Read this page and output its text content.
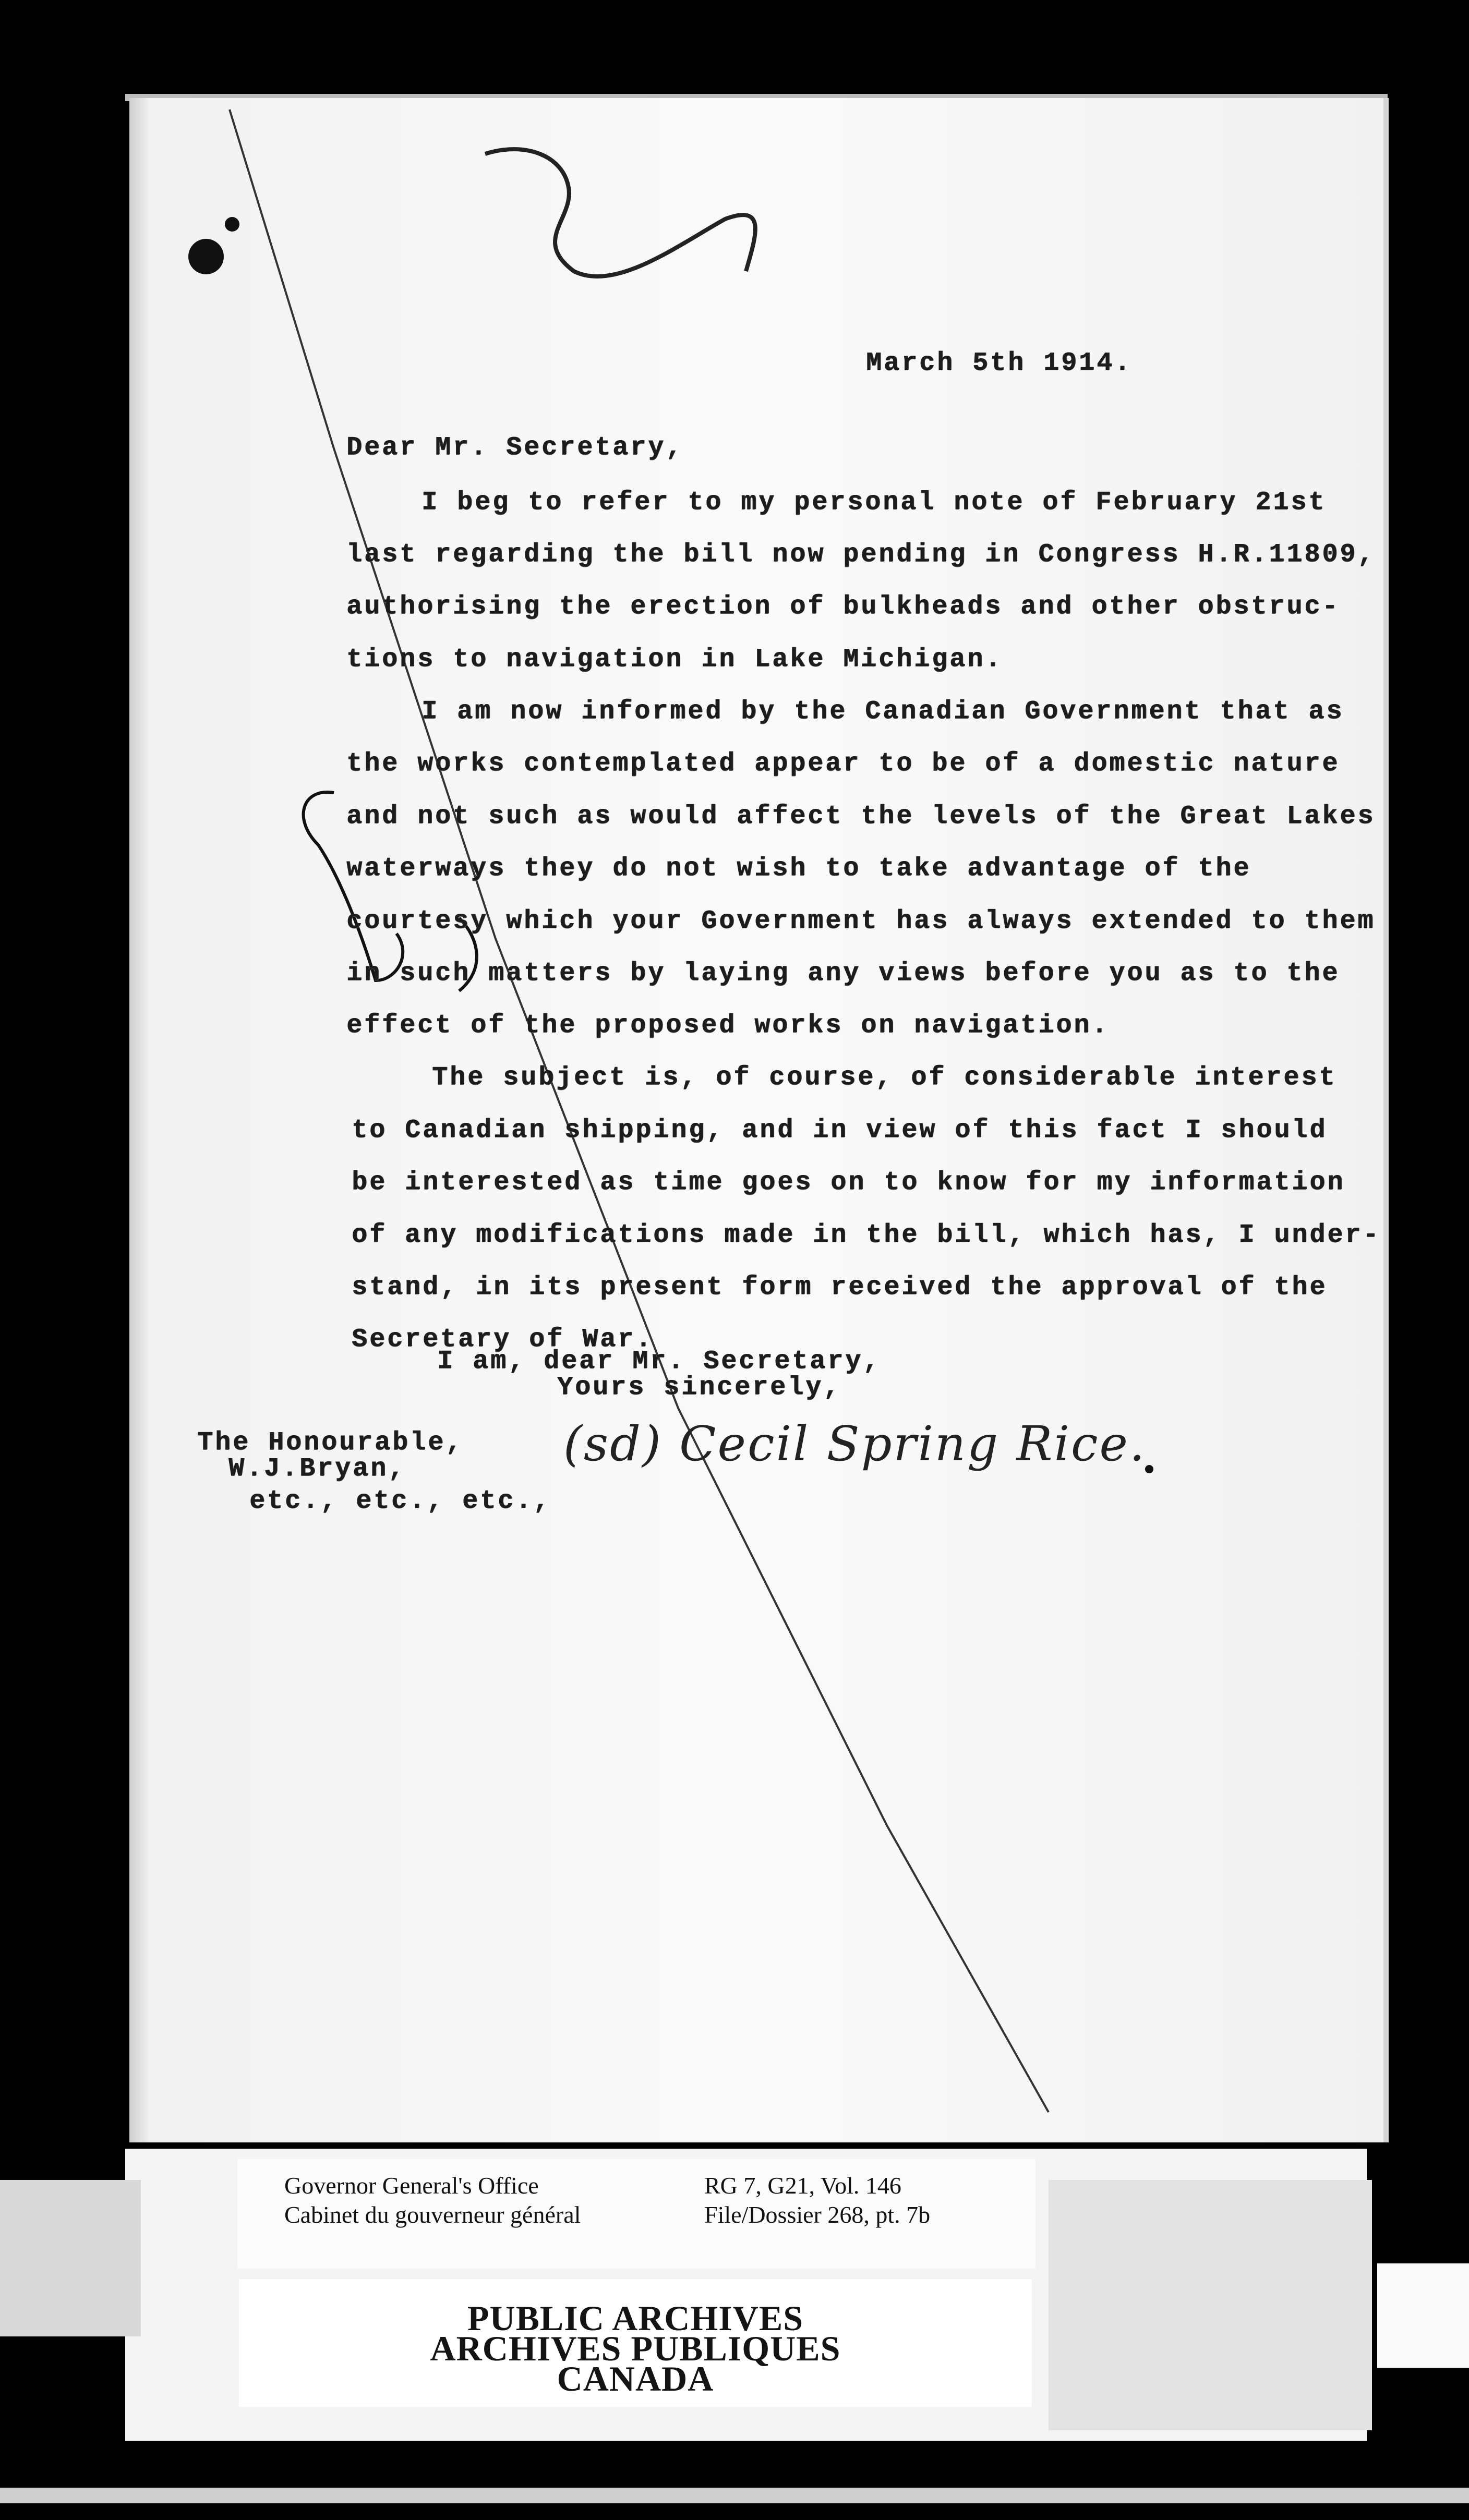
March 5th 1914.
Dear Mr. Secretary,
I beg to refer to my personal note of February 21st
last regarding the bill now pending in Congress H.R.11809,
authorising the erection of bulkheads and other obstruc-
tions to navigation in Lake Michigan.
I am now informed by the Canadian Government that as
the works contemplated appear to be of a domestic nature
and not such as would affect the levels of the Great Lakes
waterways they do not wish to take advantage of the
courtesy which your Government has always extended to them
in such matters by laying any views before you as to the
effect of the proposed works on navigation.
The subject is, of course, of considerable interest
to Canadian shipping, and in view of this fact I should
be interested as time goes on to know for my information
of any modifications made in the bill, which has, I under-
stand, in its present form received the approval of the
Secretary of War.
I am, dear Mr. Secretary,
Yours sincerely,
(sd) Cecil Spring Rice.
The Honourable,
W.J.Bryan,
etc., etc., etc.,
Governor General's Office
Cabinet du gouverneur général
RG 7, G21, Vol. 146
File/Dossier 268, pt. 7b
PUBLIC ARCHIVES
ARCHIVES PUBLIQUES
CANADA
